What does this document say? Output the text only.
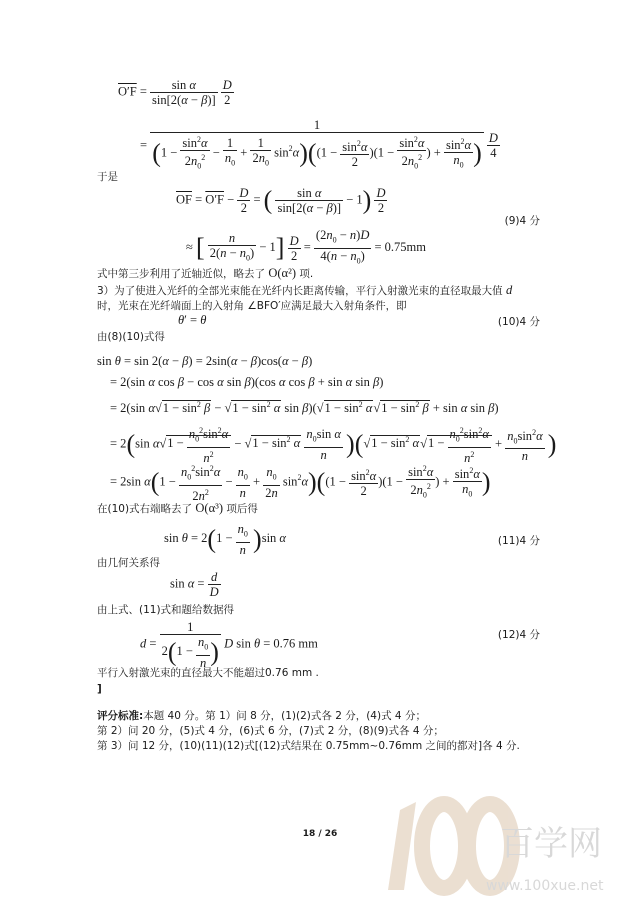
$O'F = \frac{\text{sin α}}{\sin[2(\alpha - \beta)]}$
$\frac{D}{2}$
=
1
$(1 - \frac{\sin^2\alpha}{2n_0^2} - \frac{1}{n_0} + \frac{1}{2n_0} \sin^2\alpha)((1 - \frac{\sin^2\alpha}{2} )(1 - \frac{\sin^2\alpha}{2n_0^2}$ ) + $\frac{\sin^2\alpha}{n_0}$ )
$\frac{D}{4}$
于是
$\overline{OF} = O'F - \frac{D}{2}$ = ( $\frac{\text{sin α}}{\sin[2(\alpha - \beta)]} - 1) \frac{D}{2}$
(9)4 分
≈ [ $\frac{n}{2(n - n_0)} - 1] \frac{D}{2} = \frac{(2n_0 - n)D}{4(n - n_0)} = 0.75mm$
式中第三步利用了近轴近似，略去了 O(α²) 项.
3）为了使进入光纤的全部光束能在光纤内长距离传输，平行入射激光束的直径取最大值 d
时，光束在光纤端面上的入射角 ∠BFO′应满足最大入射角条件，即
θ′ = θ	(10)4 分
由(8)(10)式得
sin θ = sin 2(α − β) = 2sin(α − β)cos(α − β)
= 2(sin α cos β − cos α sin β)(cos α cos β + sin α sin β)
= 2(sin $\alpha√1 - \sin^2 \beta - √1 - \sin^2 \alpha$ $\sin \beta)(√1 - \sin^2 \alpha√1 - \sin^2 \beta + \sin \alpha$ sin β)
= 2(sin $\alpha√1 - \frac{n_0^2\sin^2\alpha}{n^2} - √1 - \sin^2 \alpha \frac{n_0\sin \alpha}{n} )(√1 - \sin^2 \alpha√1 - \frac{n_0^2\sin^2\alpha}{n^2} + \frac{n_0\sin^2\alpha}{n}$ )
= 2sin $\alpha(1 - \frac{n_0^2\sin^2\alpha}{2n^2} - \frac{n_0}{n} + \frac{n_0}{2n} \sin^2\alpha)((1 - \frac{\sin^2\alpha}{2} )(1 - \frac{\sin^2\alpha}{2n_0^2}$ ) + $\frac{\sin^2\alpha}{n_0}$ )
在(10)式右端略去了 O(α³) 项后得
$\sin \theta = 2(1 - \frac{n_0}{n} )\sin$ α	(11)4 分
由几何关系得
$\sin \alpha = \frac{d}{D}$
由上式、(11)式和题给数据得
$d = \frac{1}{2(1 - \frac{n_0}{n} )}$ D sin θ = 0.76 mm
(12)4 分
平行入射激光束的直径最大不能超过0.76 mm .
]
评分标准:本题 40 分。第 1）问 8 分，(1)(2)式各 2 分，(4)式 4 分；
第 2）问 20 分，(5)式 4 分，(6)式 6 分，(7)式 2 分，(8)(9)式各 4 分；
第 3）问 12 分，(10)(11)(12)式[(12)式结果在 0.75mm~0.76mm 之间的都对]各 4 分.
18 / 26	百学网
www.100xue.net
100
